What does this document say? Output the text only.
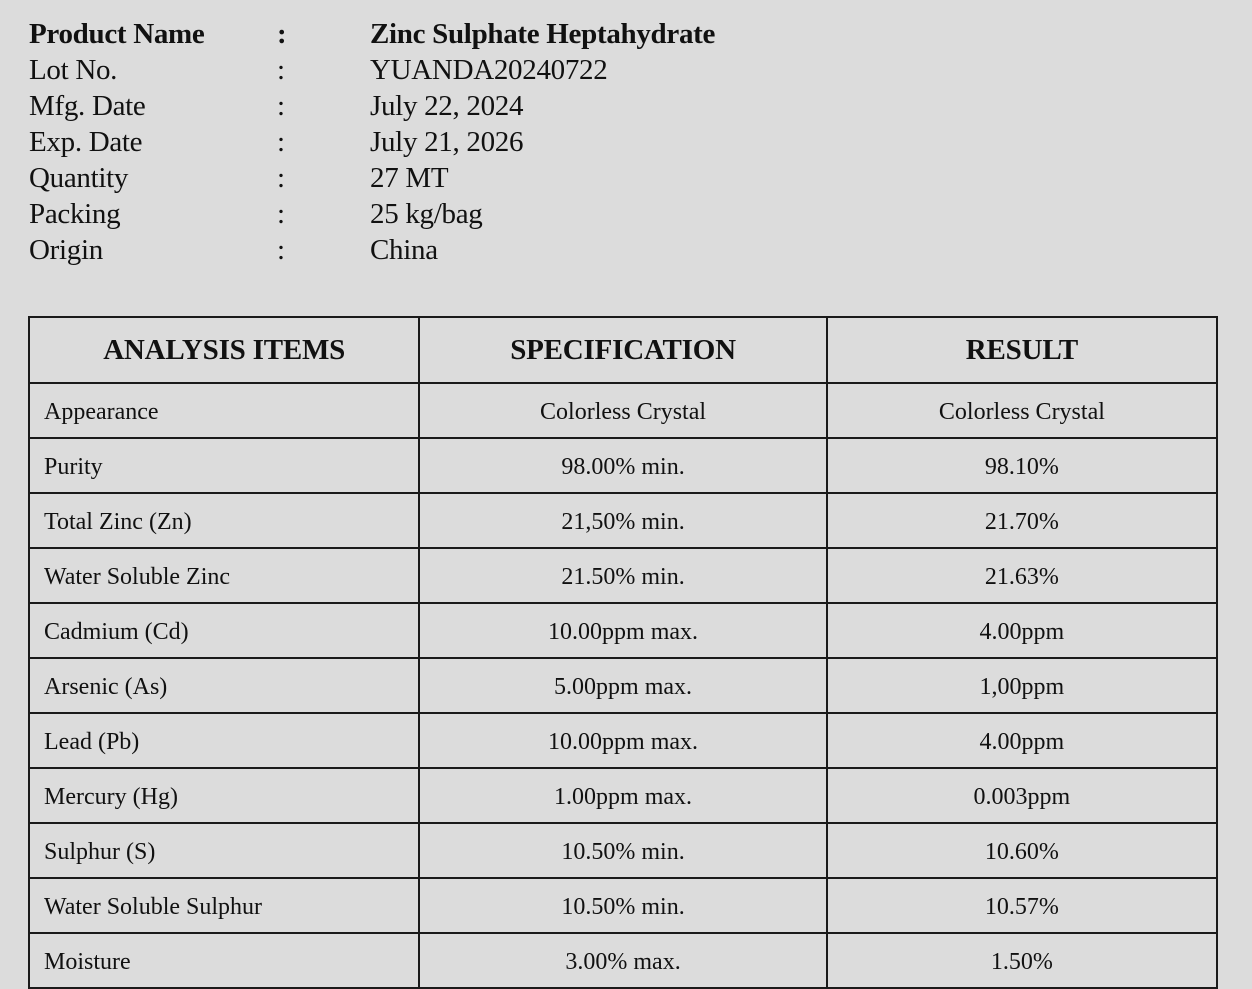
Product Name	:	Zinc Sulphate Heptahydrate
Lot No.	:	YUANDA20240722
Mfg. Date	:	July 22, 2024
Exp. Date	:	July 21, 2026
Quantity	:	27 MT
Packing	:	25 kg/bag
Origin	:	China
ANALYSIS ITEMS	SPECIFICATION	RESULT
Appearance	Colorless Crystal	Colorless Crystal
Purity	98.00% min.	98.10%
Total Zinc (Zn)	21,50% min.	21.70%
Water Soluble Zinc	21.50% min.	21.63%
Cadmium (Cd)	10.00ppm max.	4.00ppm
Arsenic (As)	5.00ppm max.	1,00ppm
Lead (Pb)	10.00ppm max.	4.00ppm
Mercury (Hg)	1.00ppm max.	0.003ppm
Sulphur (S)	10.50% min.	10.60%
Water Soluble Sulphur	10.50% min.	10.57%
Moisture	3.00% max.	1.50%
